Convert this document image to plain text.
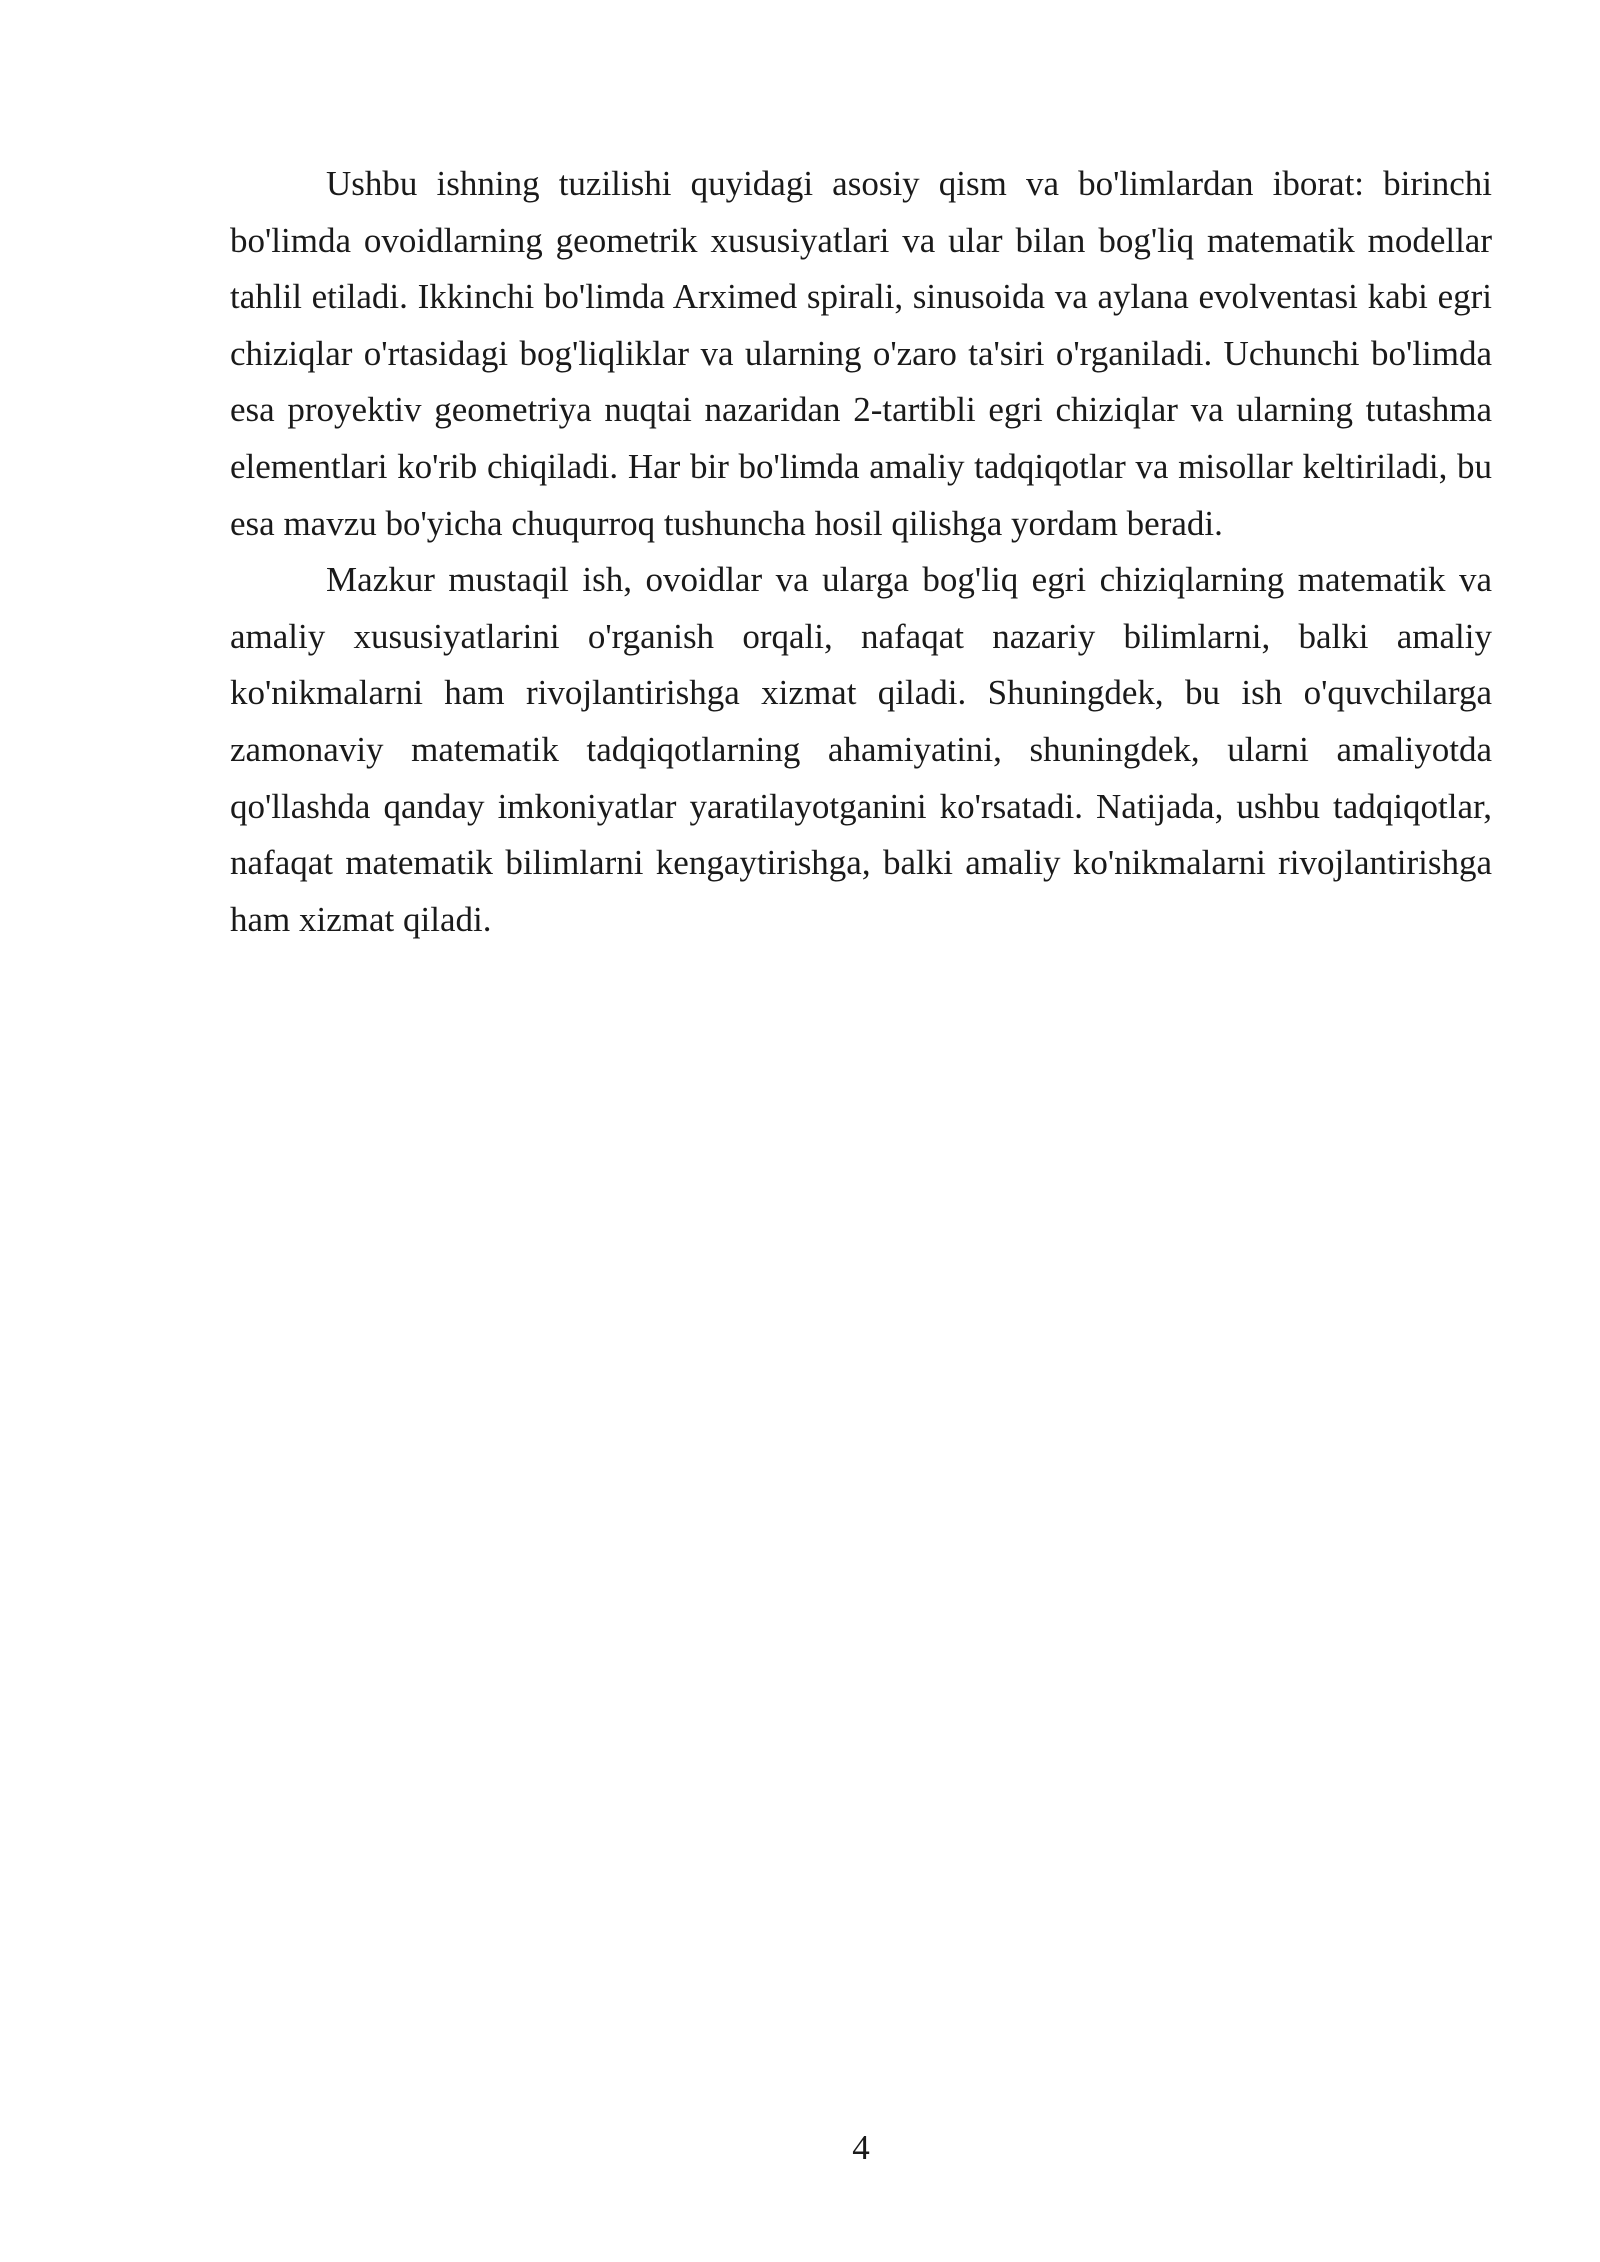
Ushbu ishning tuzilishi quyidagi asosiy qism va bo'limlardan iborat: birinchi bo'limda ovoidlarning geometrik xususiyatlari va ular bilan bog'liq matematik modellar tahlil etiladi. Ikkinchi bo'limda Arximed spirali, sinusoida va aylana evolventasi kabi egri chiziqlar o'rtasidagi bog'liqliklar va ularning o'zaro ta'siri o'rganiladi. Uchunchi bo'limda esa proyektiv geometriya nuqtai nazaridan 2-tartibli egri chiziqlar va ularning tutashma elementlari ko'rib chiqiladi. Har bir bo'limda amaliy tadqiqotlar va misollar keltiriladi, bu esa mavzu bo'yicha chuqurroq tushuncha hosil qilishga yordam beradi.

Mazkur mustaqil ish, ovoidlar va ularga bog'liq egri chiziqlarning matematik va amaliy xususiyatlarini o'rganish orqali, nafaqat nazariy bilimlarni, balki amaliy ko'nikmalarni ham rivojlantirishga xizmat qiladi. Shuningdek, bu ish o'quvchilarga zamonaviy matematik tadqiqotlarning ahamiyatini, shuningdek, ularni amaliyotda qo'llashda qanday imkoniyatlar yaratilayotganini ko'rsatadi. Natijada, ushbu tadqiqotlar, nafaqat matematik bilimlarni kengaytirishga, balki amaliy ko'nikmalarni rivojlantirishga ham xizmat qiladi.

4
